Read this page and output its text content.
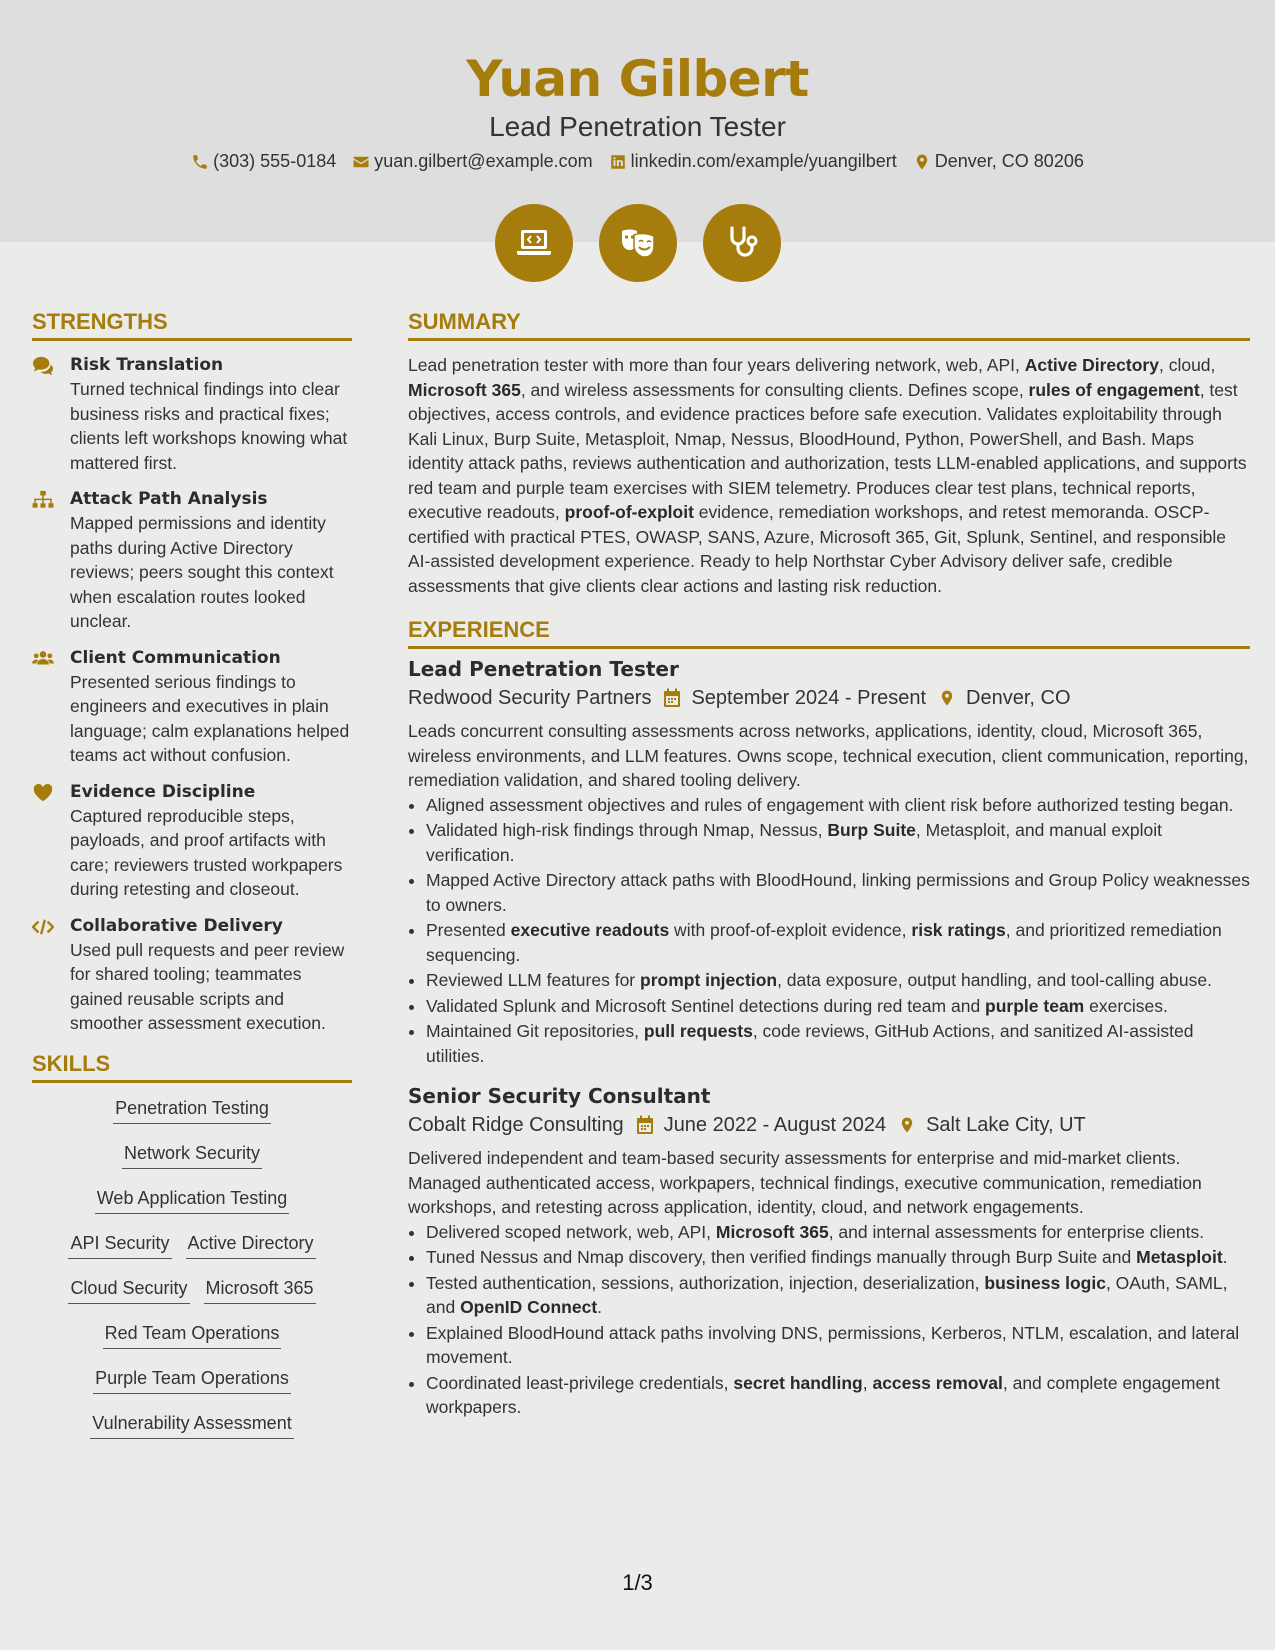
Yuan Gilbert
Lead Penetration Tester
(303) 555-0184 yuan.gilbert@example.com linkedin.com/example/yuangilbert Denver, CO 80206
STRENGTHS
Risk Translation
Turned technical findings into clear business risks and practical fixes; clients left workshops knowing what mattered first.
Attack Path Analysis
Mapped permissions and identity paths during Active Directory reviews; peers sought this context when escalation routes looked unclear.
Client Communication
Presented serious findings to engineers and executives in plain language; calm explanations helped teams act without confusion.
Evidence Discipline
Captured reproducible steps, payloads, and proof artifacts with care; reviewers trusted workpapers during retesting and closeout.
Collaborative Delivery
Used pull requests and peer review for shared tooling; teammates gained reusable scripts and smoother assessment execution.
SKILLS
Penetration Testing
Network Security
Web Application Testing
API Security Active Directory
Cloud Security Microsoft 365
Red Team Operations
Purple Team Operations
Vulnerability Assessment
SUMMARY
Lead penetration tester with more than four years delivering network, web, API, Active Directory, cloud, Microsoft 365, and wireless assessments for consulting clients. Defines scope, rules of engagement, test objectives, access controls, and evidence practices before safe execution. Validates exploitability through Kali Linux, Burp Suite, Metasploit, Nmap, Nessus, BloodHound, Python, PowerShell, and Bash. Maps identity attack paths, reviews authentication and authorization, tests LLM-enabled applications, and supports red team and purple team exercises with SIEM telemetry. Produces clear test plans, technical reports, executive readouts, proof-of-exploit evidence, remediation workshops, and retest memoranda. OSCP-certified with practical PTES, OWASP, SANS, Azure, Microsoft 365, Git, Splunk, Sentinel, and responsible AI-assisted development experience. Ready to help Northstar Cyber Advisory deliver safe, credible assessments that give clients clear actions and lasting risk reduction.
EXPERIENCE
Lead Penetration Tester
Redwood Security Partners September 2024 - Present Denver, CO
Leads concurrent consulting assessments across networks, applications, identity, cloud, Microsoft 365, wireless environments, and LLM features. Owns scope, technical execution, client communication, reporting, remediation validation, and shared tooling delivery.
• Aligned assessment objectives and rules of engagement with client risk before authorized testing began.
• Validated high-risk findings through Nmap, Nessus, Burp Suite, Metasploit, and manual exploit verification.
• Mapped Active Directory attack paths with BloodHound, linking permissions and Group Policy weaknesses to owners.
• Presented executive readouts with proof-of-exploit evidence, risk ratings, and prioritized remediation sequencing.
• Reviewed LLM features for prompt injection, data exposure, output handling, and tool-calling abuse.
• Validated Splunk and Microsoft Sentinel detections during red team and purple team exercises.
• Maintained Git repositories, pull requests, code reviews, GitHub Actions, and sanitized AI-assisted utilities.
Senior Security Consultant
Cobalt Ridge Consulting June 2022 - August 2024 Salt Lake City, UT
Delivered independent and team-based security assessments for enterprise and mid-market clients. Managed authenticated access, workpapers, technical findings, executive communication, remediation workshops, and retesting across application, identity, cloud, and network engagements.
• Delivered scoped network, web, API, Microsoft 365, and internal assessments for enterprise clients.
• Tuned Nessus and Nmap discovery, then verified findings manually through Burp Suite and Metasploit.
• Tested authentication, sessions, authorization, injection, deserialization, business logic, OAuth, SAML, and OpenID Connect.
• Explained BloodHound attack paths involving DNS, permissions, Kerberos, NTLM, escalation, and lateral movement.
• Coordinated least-privilege credentials, secret handling, access removal, and complete engagement workpapers.
1/3
